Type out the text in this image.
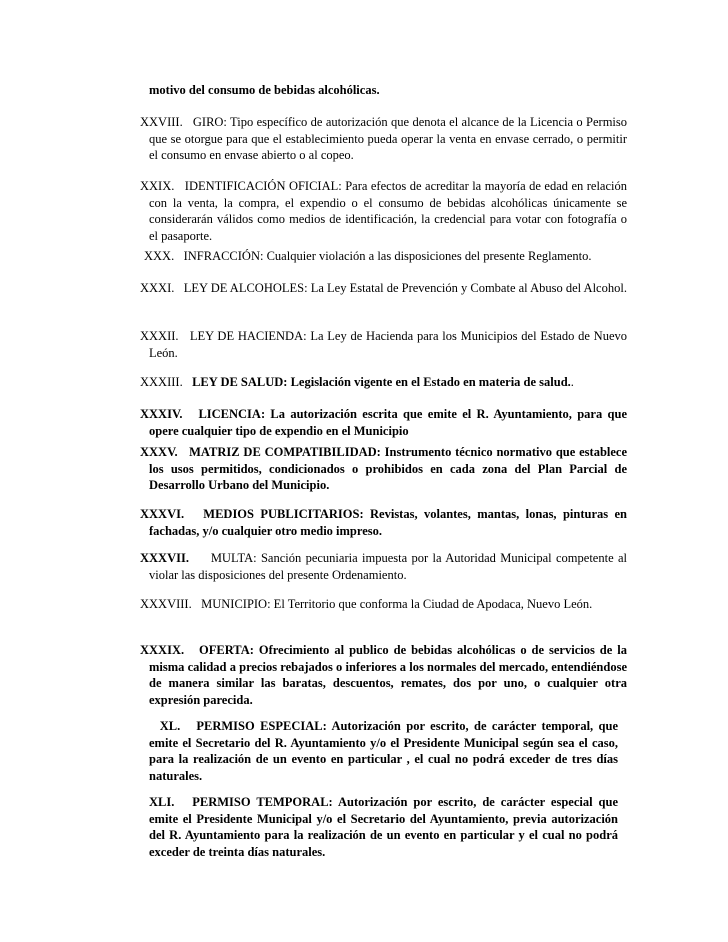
motivo del consumo de bebidas alcohólicas.

XXVIII. GIRO: Tipo específico de autorización que denota el alcance de la Licencia o Permiso que se otorgue para que el establecimiento pueda operar la venta en envase cerrado, o permitir el consumo en envase abierto o al copeo.

XXIX. IDENTIFICACIÓN OFICIAL: Para efectos de acreditar la mayoría de edad en relación con la venta, la compra, el expendio o el consumo de bebidas alcohólicas únicamente se considerarán válidos como medios de identificación, la credencial para votar con fotografía o el pasaporte.

XXX. INFRACCIÓN: Cualquier violación a las disposiciones del presente Reglamento.

XXXI. LEY DE ALCOHOLES: La Ley Estatal de Prevención y Combate al Abuso del Alcohol.

XXXII. LEY DE HACIENDA: La Ley de Hacienda para los Municipios del Estado de Nuevo León.

XXXIII. LEY DE SALUD: Legislación vigente en el Estado en materia de salud..

XXXIV. LICENCIA: La autorización escrita que emite el R. Ayuntamiento, para que opere cualquier tipo de expendio en el Municipio

XXXV. MATRIZ DE COMPATIBILIDAD: Instrumento técnico normativo que establece los usos permitidos, condicionados o prohibidos en cada zona del Plan Parcial de Desarrollo Urbano del Municipio.

XXXVI. MEDIOS PUBLICITARIOS: Revistas, volantes, mantas, lonas, pinturas en fachadas, y/o cualquier otro medio impreso.

XXXVII. MULTA: Sanción pecuniaria impuesta por la Autoridad Municipal competente al violar las disposiciones del presente Ordenamiento.

XXXVIII. MUNICIPIO: El Territorio que conforma la Ciudad de Apodaca, Nuevo León.

XXXIX. OFERTA: Ofrecimiento al publico de bebidas alcohólicas o de servicios de la misma calidad a precios rebajados o inferiores a los normales del mercado, entendiéndose de manera similar las baratas, descuentos, remates, dos por uno, o cualquier otra expresión parecida.

XL. PERMISO ESPECIAL: Autorización por escrito, de carácter temporal, que emite el Secretario del R. Ayuntamiento y/o el Presidente Municipal según sea el caso, para la realización de un evento en particular , el cual no podrá exceder de tres días naturales.

XLI. PERMISO TEMPORAL: Autorización por escrito, de carácter especial que emite el Presidente Municipal y/o el Secretario del Ayuntamiento, previa autorización del R. Ayuntamiento para la realización de un evento en particular y el cual no podrá exceder de treinta días naturales.
